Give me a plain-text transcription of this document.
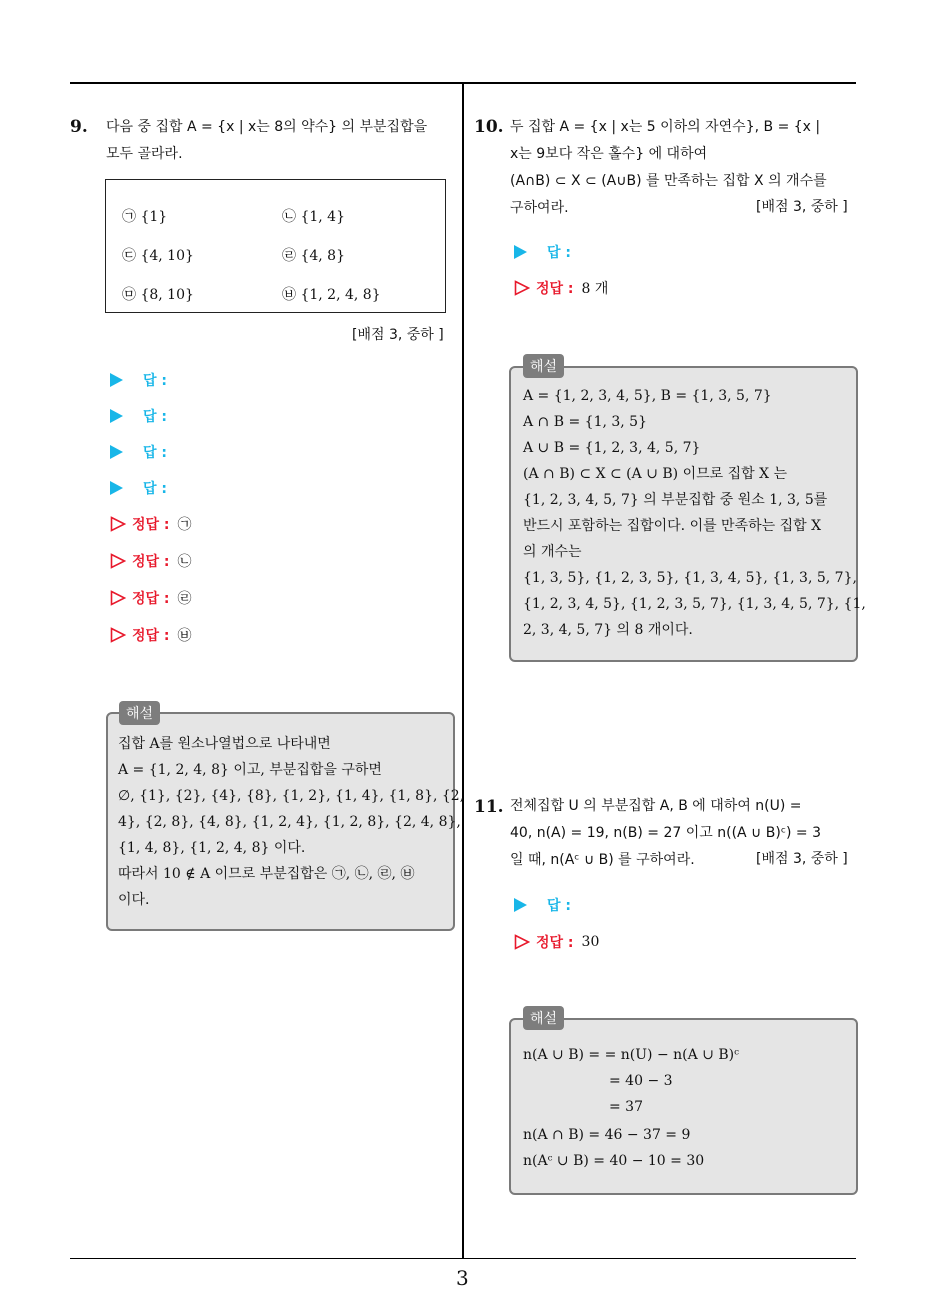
9. 다음 중 집합 A = {x | x는 8의 약수} 의 부분집합을
모두 골라라.
㉠ {1}	㉡ {1, 4}
㉢ {4, 10}	㉣ {4, 8}
㉤ {8, 10}	㉥ {1, 2, 4, 8}
[배점 3, 중하 ]
답 :
답 :
답 :
답 :
정답 : ㉠
정답 : ㉡
정답 : ㉣
정답 : ㉥
해설
집합 A를 원소나열법으로 나타내면
A = {1, 2, 4, 8} 이고, 부분집합을 구하면
∅, {1}, {2}, {4}, {8}, {1, 2}, {1, 4}, {1, 8}, {2,
4}, {2, 8}, {4, 8}, {1, 2, 4}, {1, 2, 8}, {2, 4, 8},
{1, 4, 8}, {1, 2, 4, 8} 이다.
따라서 10 ∉ A 이므로 부분집합은 ㉠, ㉡, ㉣, ㉥
이다.
10. 두 집합 A = {x | x는 5 이하의 자연수}, B = {x |
x는 9보다 작은 홀수} 에 대하여
(A∩B) ⊂ X ⊂ (A∪B) 를 만족하는 집합 X 의 개수를
구하여라.	[배점 3, 중하 ]
답 :
정답 : 8 개
해설
A = {1, 2, 3, 4, 5}, B = {1, 3, 5, 7}
A ∩ B = {1, 3, 5}
A ∪ B = {1, 2, 3, 4, 5, 7}
(A ∩ B) ⊂ X ⊂ (A ∪ B) 이므로 집합 X 는
{1, 2, 3, 4, 5, 7} 의 부분집합 중 원소 1, 3, 5를
반드시 포함하는 집합이다. 이를 만족하는 집합 X
의 개수는
{1, 3, 5}, {1, 2, 3, 5}, {1, 3, 4, 5}, {1, 3, 5, 7},
{1, 2, 3, 4, 5}, {1, 2, 3, 5, 7}, {1, 3, 4, 5, 7}, {1,
2, 3, 4, 5, 7} 의 8 개이다.
11. 전체집합 U 의 부분집합 A, B 에 대하여 n(U) =
40, n(A) = 19, n(B) = 27 이고 n((A ∪ B)ᶜ) = 3
일 때, n(Aᶜ ∪ B) 를 구하여라.	[배점 3, 중하 ]
답 :
정답 : 30
해설
n(A ∪ B) = = n(U) − n(A ∪ B)ᶜ
= 40 − 3
= 37
n(A ∩ B) = 46 − 37 = 9
n(Aᶜ ∪ B) = 40 − 10 = 30
3
